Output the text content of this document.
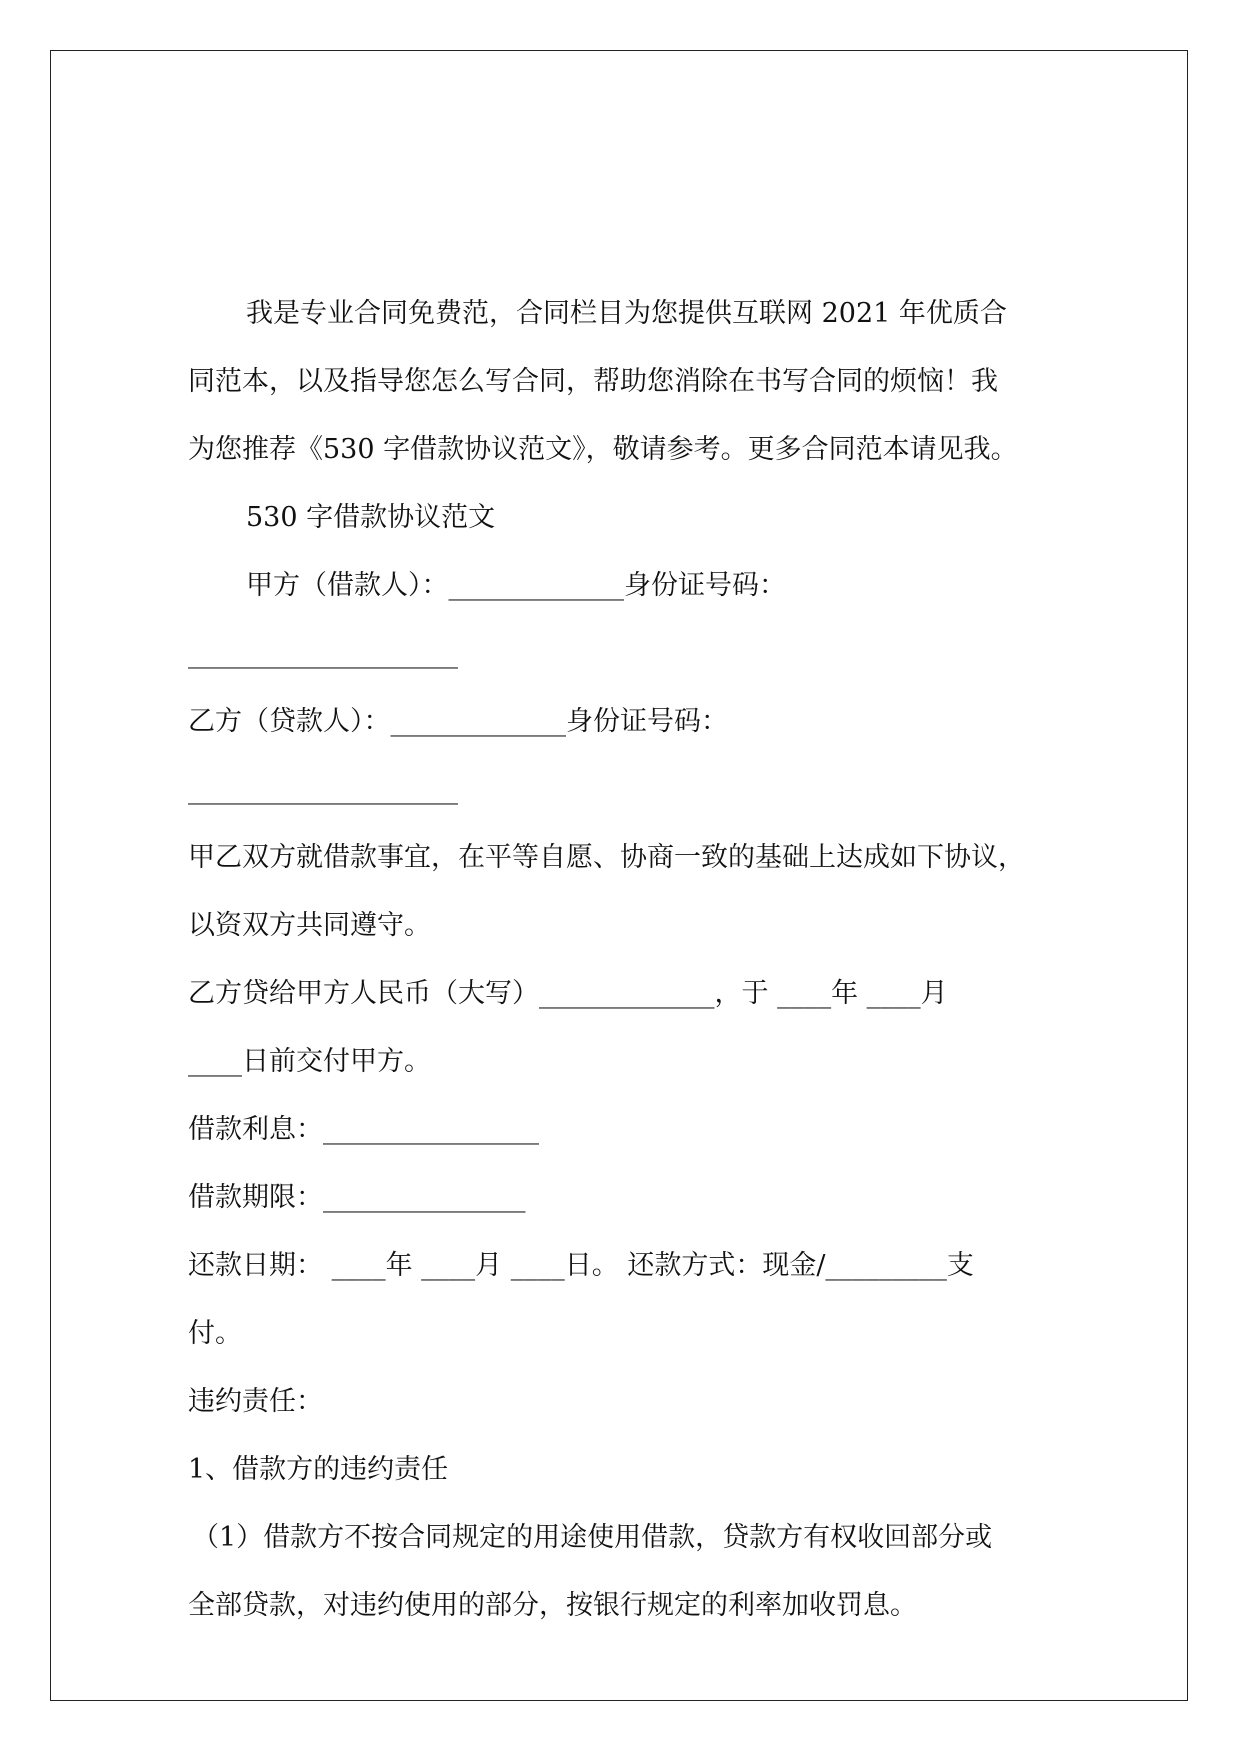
我是专业合同免费范，合同栏目为您提供互联网 2021 年优质合

同范本，以及指导您怎么写合同，帮助您消除在书写合同的烦恼！我

为您推荐《530 字借款协议范文》，敬请参考。更多合同范本请见我。

530 字借款协议范文

甲方（借款人）：_____________身份证号码：

____________________

乙方（贷款人）：_____________身份证号码：

____________________

甲乙双方就借款事宜，在平等自愿、协商一致的基础上达成如下协议，

以资双方共同遵守。

乙方贷给甲方人民币（大写）_____________，于 ____年 ____月

____日前交付甲方。

借款利息：________________

借款期限：_______________

还款日期： ____年 ____月 ____日。 还款方式：现金/_________支

付。

违约责任：

1、借款方的违约责任

（1）借款方不按合同规定的用途使用借款，贷款方有权收回部分或

全部贷款，对违约使用的部分，按银行规定的利率加收罚息。
